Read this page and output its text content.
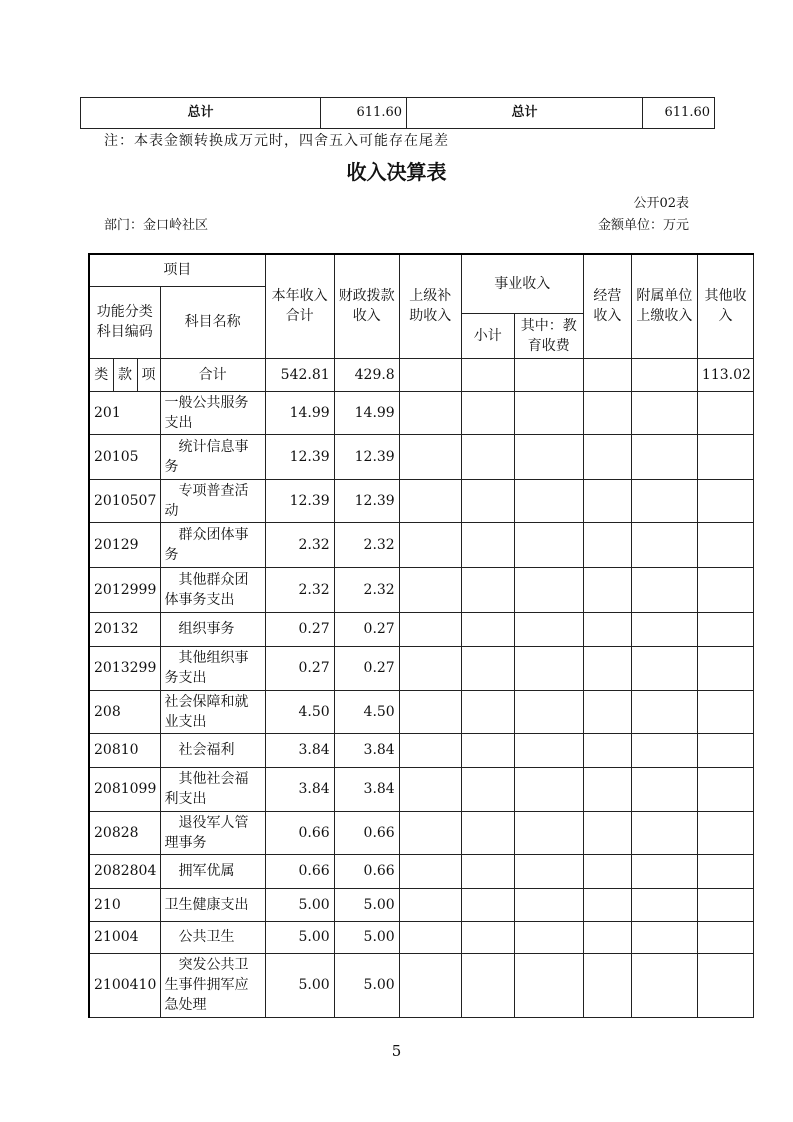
总计	611.60	总计	611.60
注：本表金额转换成万元时，四舍五入可能存在尾差
收入决算表
公开02表
部门：金口岭社区	金额单位：万元
项目				本年收入合计	财政拨款收入	上级补助收入	事业收入		经营收入	附属单位上缴收入	其他收入
功能分类科目编码			科目名称								
							小计	其中：教育收费			
类	款	项	合计	542.81	429.8						113.02
201			一般公共服务支出	14.99	14.99						
20105			统计信息事务	12.39	12.39						
2010507			专项普查活动	12.39	12.39						
20129			群众团体事务	2.32	2.32						
2012999			其他群众团体事务支出	2.32	2.32						
20132			组织事务	0.27	0.27						
2013299			其他组织事务支出	0.27	0.27						
208			社会保障和就业支出	4.50	4.50						
20810			社会福利	3.84	3.84						
2081099			其他社会福利支出	3.84	3.84						
20828			退役军人管理事务	0.66	0.66						
2082804			拥军优属	0.66	0.66						
210			卫生健康支出	5.00	5.00						
21004			公共卫生	5.00	5.00						
2100410			突发公共卫生事件拥军应急处理	5.00	5.00						
5
